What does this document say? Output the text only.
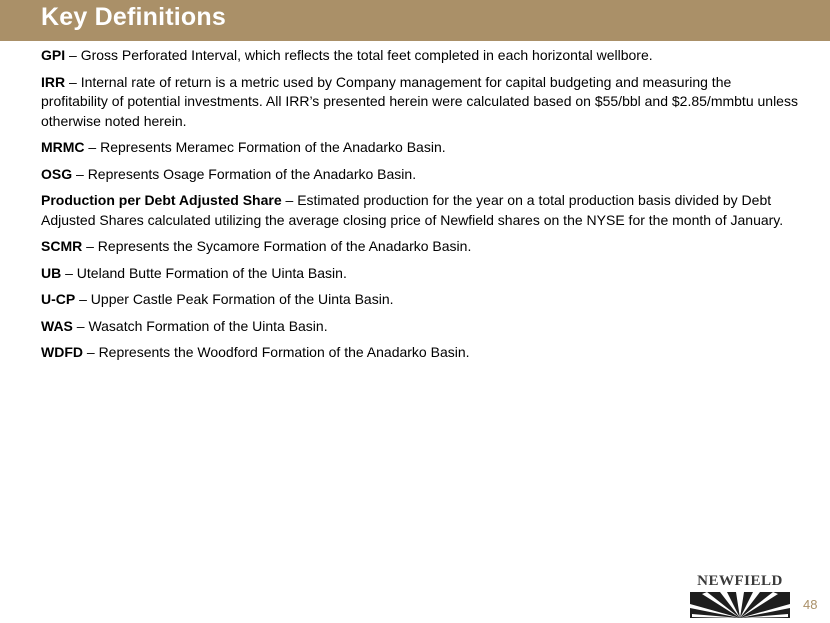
Key Definitions

GPI – Gross Perforated Interval, which reflects the total feet completed in each horizontal wellbore.

IRR – Internal rate of return is a metric used by Company management for capital budgeting and measuring the profitability of potential investments. All IRR’s presented herein were calculated based on $55/bbl and $2.85/mmbtu unless otherwise noted herein.

MRMC – Represents Meramec Formation of the Anadarko Basin.

OSG – Represents Osage Formation of the Anadarko Basin.

Production per Debt Adjusted Share – Estimated production for the year on a total production basis divided by Debt Adjusted Shares calculated utilizing the average closing price of Newfield shares on the NYSE for the month of January.

SCMR – Represents the Sycamore Formation of the Anadarko Basin.

UB – Uteland Butte Formation of the Uinta Basin.

U-CP – Upper Castle Peak Formation of the Uinta Basin.

WAS – Wasatch Formation of the Uinta Basin.

WDFD – Represents the Woodford Formation of the Anadarko Basin.

NEWFIELD
48
